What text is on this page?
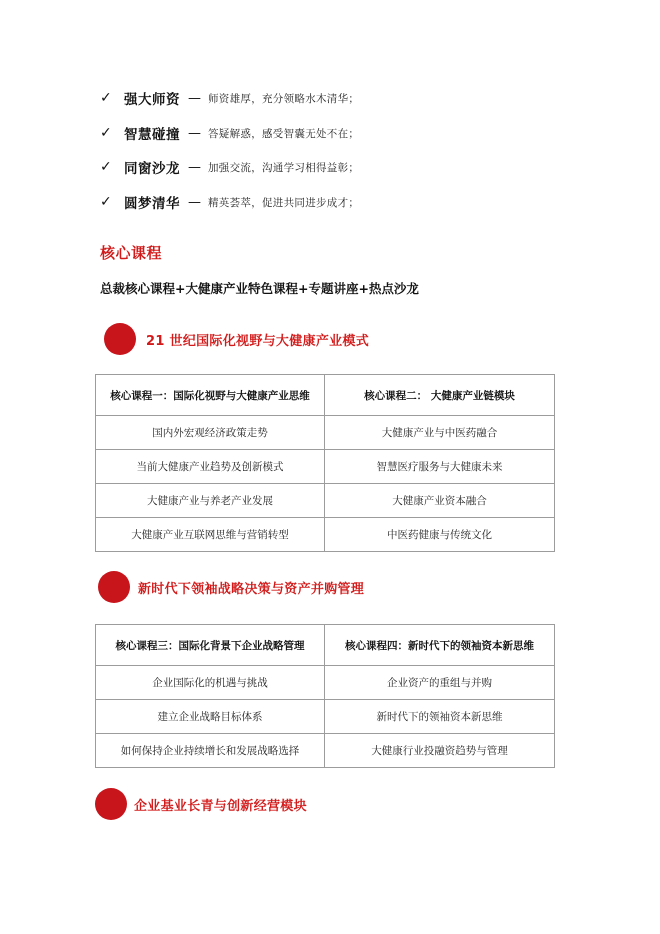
✓ 强大师资 — 师资雄厚，充分领略水木清华；
✓ 智慧碰撞 — 答疑解惑，感受智囊无处不在；
✓ 同窗沙龙 — 加强交流，沟通学习相得益彰；
✓ 圆梦清华 — 精英荟萃，促进共同进步成才；
核心课程
总裁核心课程+大健康产业特色课程+专题讲座+热点沙龙
21 世纪国际化视野与大健康产业模式
核心课程一：国际化视野与大健康产业思维	核心课程二： 大健康产业链模块
国内外宏观经济政策走势	大健康产业与中医药融合
当前大健康产业趋势及创新模式	智慧医疗服务与大健康未来
大健康产业与养老产业发展	大健康产业资本融合
大健康产业互联网思维与营销转型	中医药健康与传统文化
新时代下领袖战略决策与资产并购管理
核心课程三：国际化背景下企业战略管理	核心课程四：新时代下的领袖资本新思维
企业国际化的机遇与挑战	企业资产的重组与并购
建立企业战略目标体系	新时代下的领袖资本新思维
如何保持企业持续增长和发展战略选择	大健康行业投融资趋势与管理
企业基业长青与创新经营模块
